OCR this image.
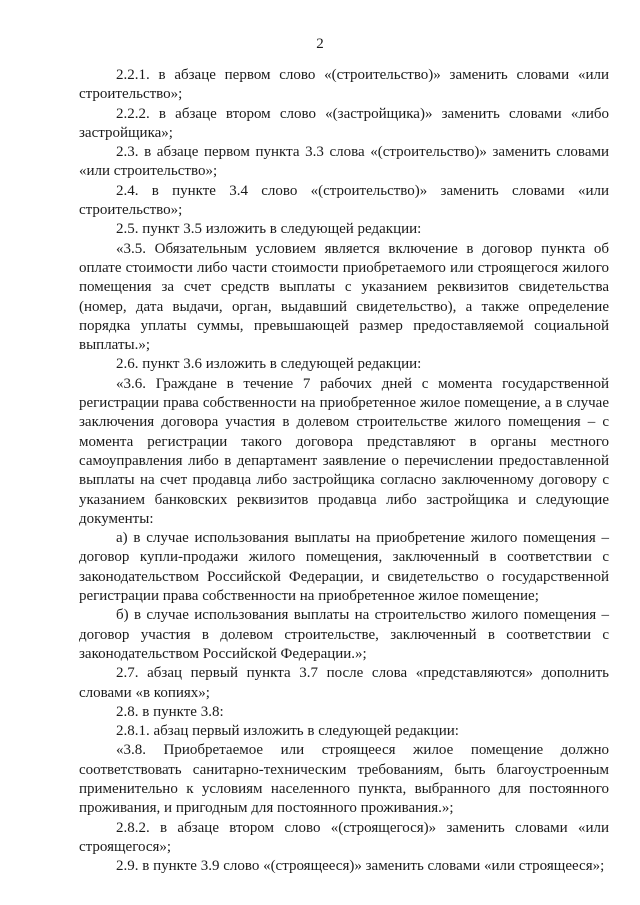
2

2.2.1. в абзаце первом слово «(строительство)» заменить словами «или строительство»;

2.2.2. в абзаце втором слово «(застройщика)» заменить словами «либо застройщика»;

2.3. в абзаце первом пункта 3.3 слова «(строительство)» заменить словами «или строительство»;

2.4. в пункте 3.4 слово «(строительство)» заменить словами «или строительство»;

2.5. пункт 3.5 изложить в следующей редакции:

«3.5. Обязательным условием является включение в договор пункта об оплате стоимости либо части стоимости приобретаемого или строящегося жилого помещения за счет средств выплаты с указанием реквизитов свидетельства (номер, дата выдачи, орган, выдавший свидетельство), а также определение порядка уплаты суммы, превышающей размер предоставляемой социальной выплаты.»;

2.6. пункт 3.6 изложить в следующей редакции:

«3.6. Граждане в течение 7 рабочих дней с момента государственной регистрации права собственности на приобретенное жилое помещение, а в случае заключения договора участия в долевом строительстве жилого помещения – с момента регистрации такого договора представляют в органы местного самоуправления либо в департамент заявление о перечислении предоставленной выплаты на счет продавца либо застройщика согласно заключенному договору с указанием банковских реквизитов продавца либо застройщика и следующие документы:

а) в случае использования выплаты на приобретение жилого помещения – договор купли-продажи жилого помещения, заключенный в соответствии с законодательством Российской Федерации, и свидетельство о государственной регистрации права собственности на приобретенное жилое помещение;

б) в случае использования выплаты на строительство жилого помещения – договор участия в долевом строительстве, заключенный в соответствии с законодательством Российской Федерации.»;

2.7. абзац первый пункта 3.7 после слова «представляются» дополнить словами «в копиях»;

2.8. в пункте 3.8:

2.8.1. абзац первый изложить в следующей редакции:

«3.8. Приобретаемое или строящееся жилое помещение должно соответствовать санитарно-техническим требованиям, быть благоустроенным применительно к условиям населенного пункта, выбранного для постоянного проживания, и пригодным для постоянного проживания.»;

2.8.2. в абзаце втором слово «(строящегося)» заменить словами «или строящегося»;

2.9. в пункте 3.9 слово «(строящееся)» заменить словами «или строящееся»;
